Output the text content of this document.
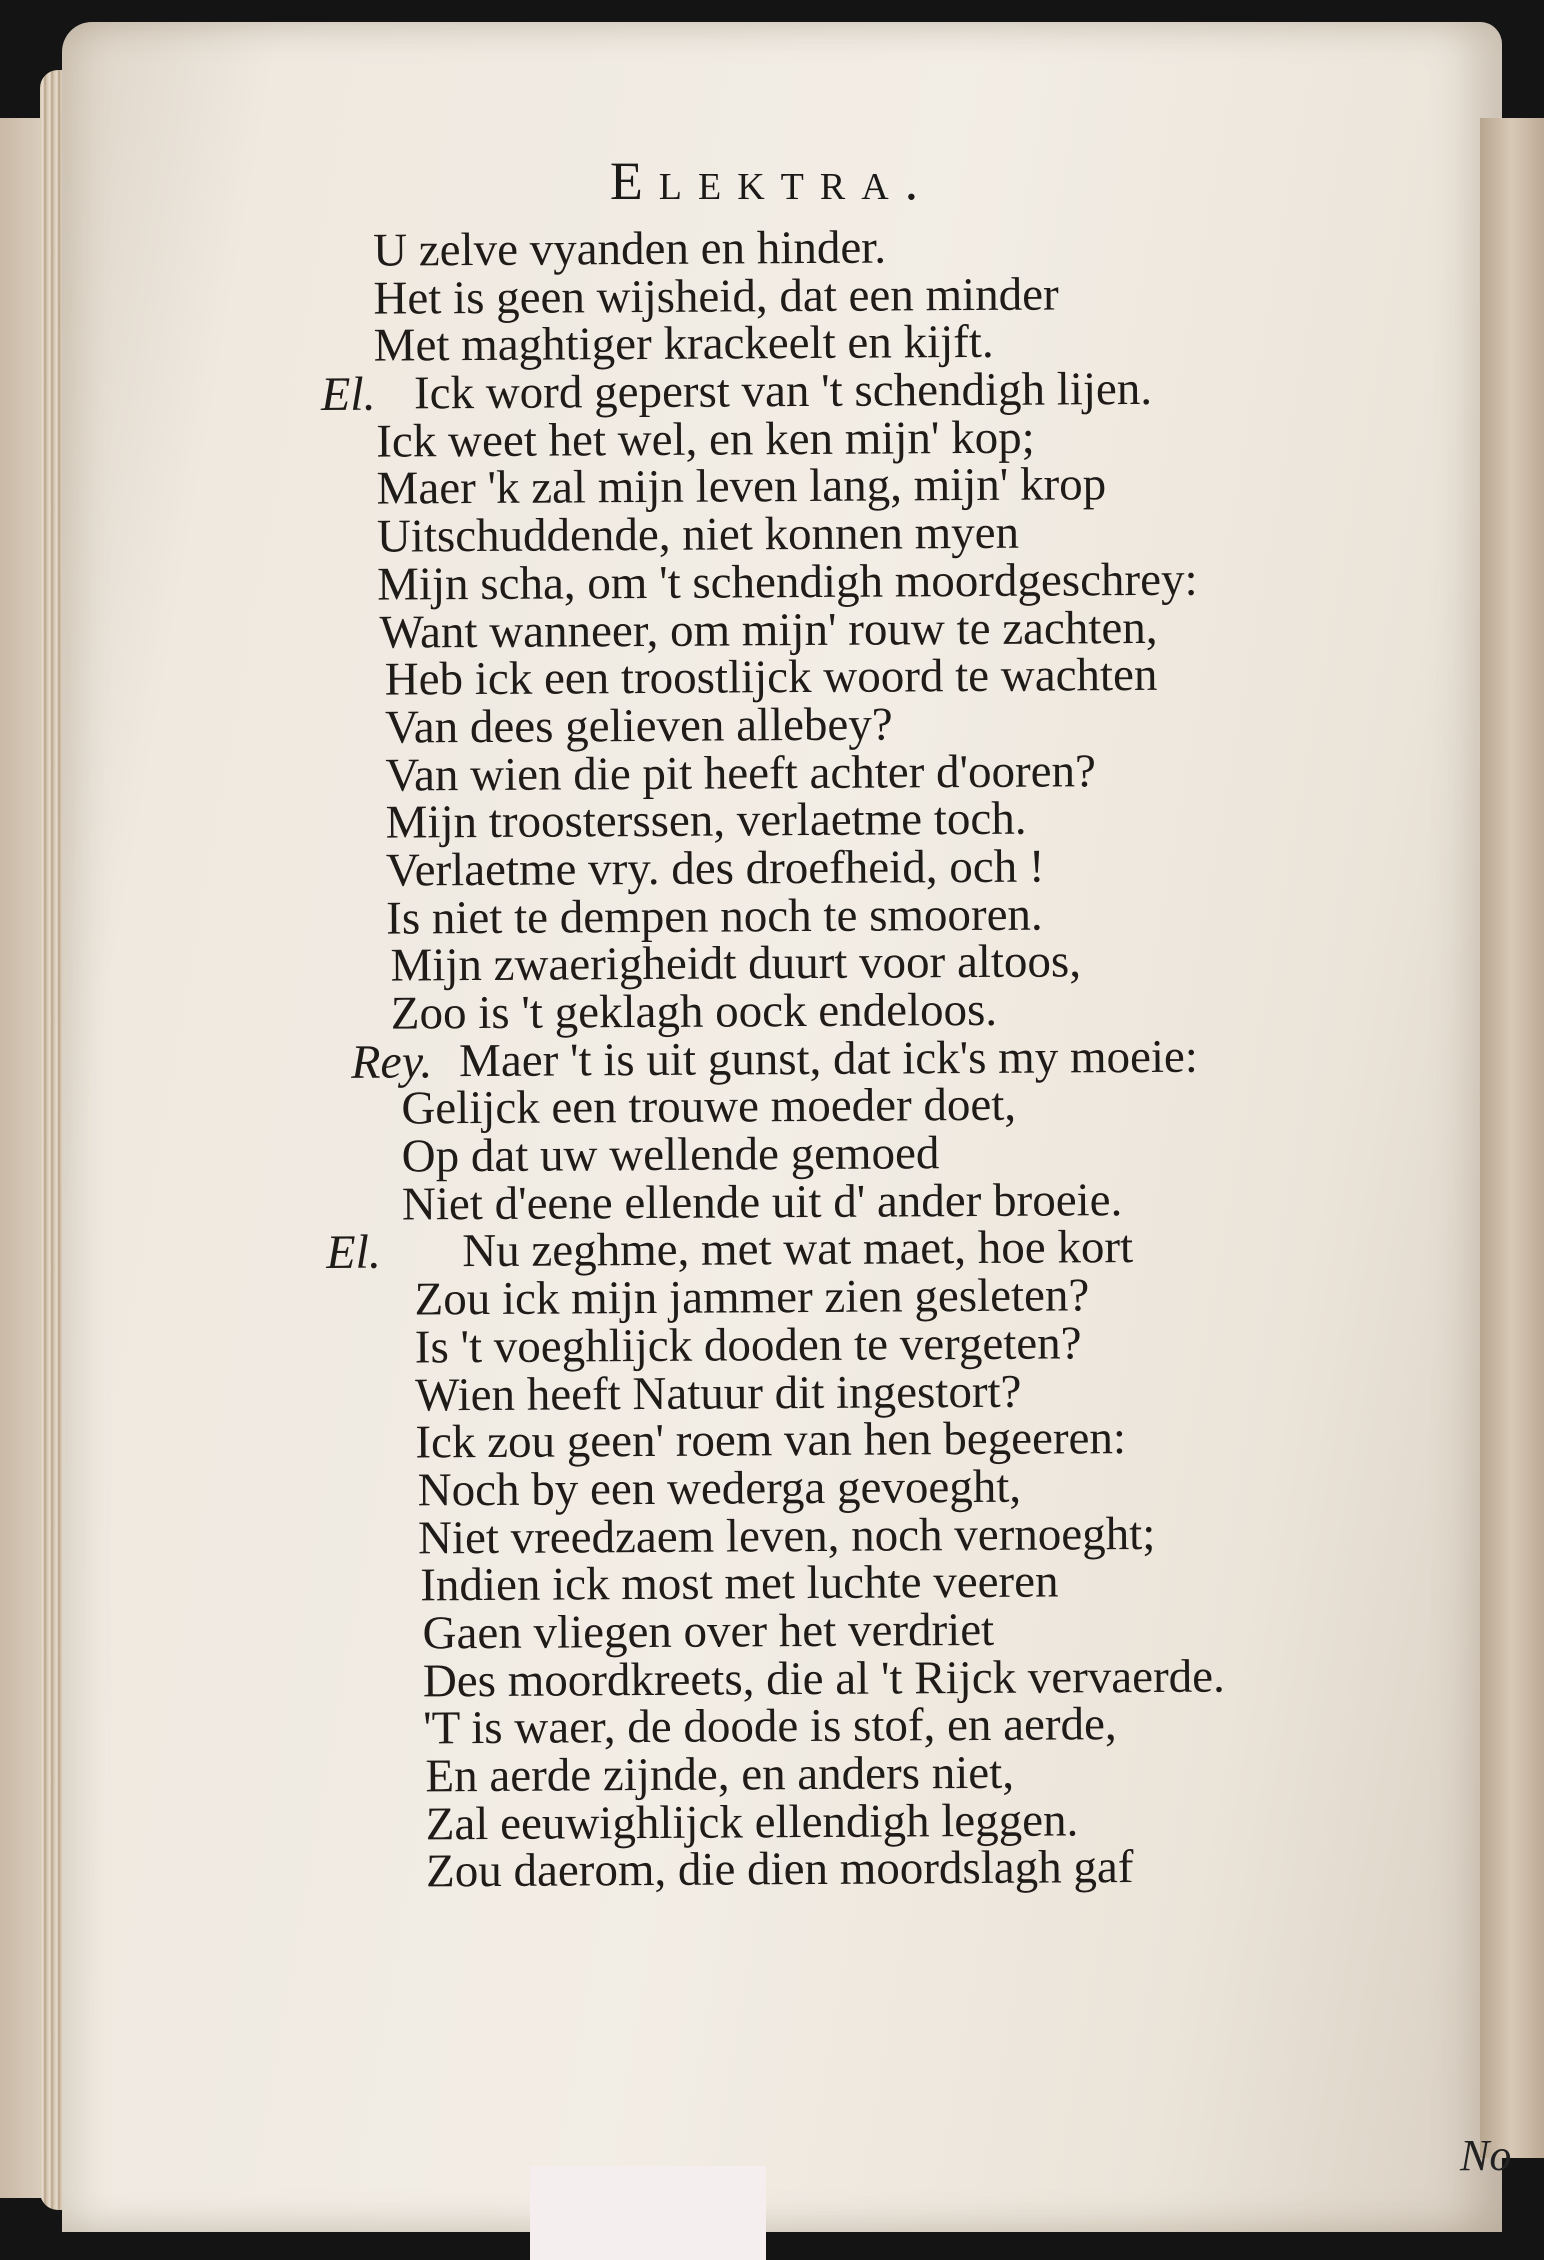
No
Elektra.
U zelve vyanden en hinder.
Het is geen wijsheid, dat een minder
Met maghtiger krackeelt en kijft.
El. Ick word geperst van 't schendigh lijen.
Ick weet het wel, en ken mijn' kop;
Maer 'k zal mijn leven lang, mijn' krop
Uitschuddende, niet konnen myen
Mijn scha, om 't schendigh moordgeschrey:
Want wanneer, om mijn' rouw te zachten,
Heb ick een troostlijck woord te wachten
Van dees gelieven allebey?
Van wien die pit heeft achter d'ooren?
Mijn troosterssen, verlaetme toch.
Verlaetme vry. des droefheid, och !
Is niet te dempen noch te smooren.
Mijn zwaerigheidt duurt voor altoos,
Zoo is 't geklagh oock endeloos.
Rey. Maer 't is uit gunst, dat ick's my moeie:
Gelijck een trouwe moeder doet,
Op dat uw wellende gemoed
Niet d'eene ellende uit d' ander broeie.
El. Nu zeghme, met wat maet, hoe kort
Zou ick mijn jammer zien gesleten?
Is 't voeghlijck dooden te vergeten?
Wien heeft Natuur dit ingestort?
Ick zou geen' roem van hen begeeren:
Noch by een wederga gevoeght,
Niet vreedzaem leven, noch vernoeght;
Indien ick most met luchte veeren
Gaen vliegen over het verdriet
Des moordkreets, die al 't Rijck vervaerde.
'T is waer, de doode is stof, en aerde,
En aerde zijnde, en anders niet,
Zal eeuwighlijck ellendigh leggen.
Zou daerom, die dien moordslagh gaf
